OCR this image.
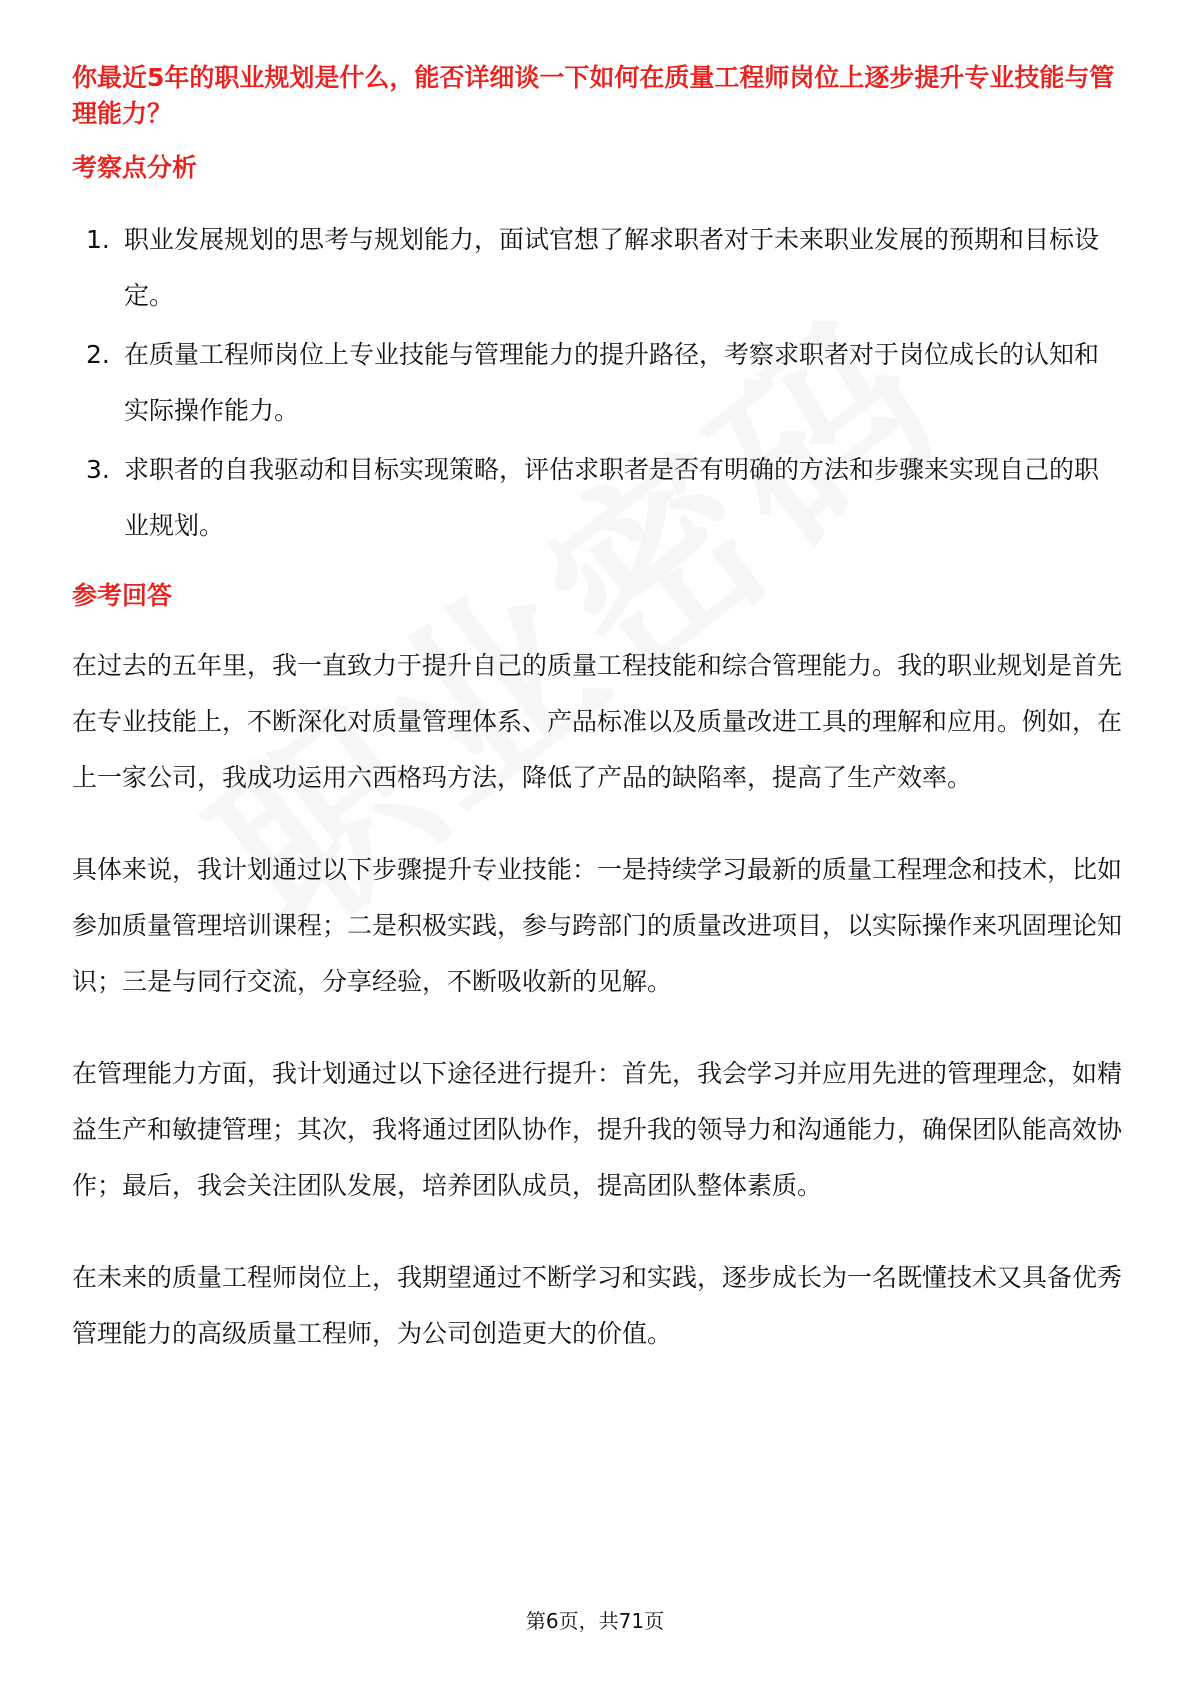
你最近5年的职业规划是什么，能否详细谈一下如何在质量工程师岗位上逐步提升专业技能与管理能力？

考察点分析

1. 职业发展规划的思考与规划能力，面试官想了解求职者对于未来职业发展的预期和目标设定。
2. 在质量工程师岗位上专业技能与管理能力的提升路径，考察求职者对于岗位成长的认知和实际操作能力。
3. 求职者的自我驱动和目标实现策略，评估求职者是否有明确的方法和步骤来实现自己的职业规划。

参考回答

在过去的五年里，我一直致力于提升自己的质量工程技能和综合管理能力。我的职业规划是首先在专业技能上，不断深化对质量管理体系、产品标准以及质量改进工具的理解和应用。例如，在上一家公司，我成功运用六西格玛方法，降低了产品的缺陷率，提高了生产效率。

具体来说，我计划通过以下步骤提升专业技能：一是持续学习最新的质量工程理念和技术，比如参加质量管理培训课程；二是积极实践，参与跨部门的质量改进项目，以实际操作来巩固理论知识；三是与同行交流，分享经验，不断吸收新的见解。

在管理能力方面，我计划通过以下途径进行提升：首先，我会学习并应用先进的管理理念，如精益生产和敏捷管理；其次，我将通过团队协作，提升我的领导力和沟通能力，确保团队能高效协作；最后，我会关注团队发展，培养团队成员，提高团队整体素质。

在未来的质量工程师岗位上，我期望通过不断学习和实践，逐步成长为一名既懂技术又具备优秀管理能力的高级质量工程师，为公司创造更大的价值。

第6页，共71页
